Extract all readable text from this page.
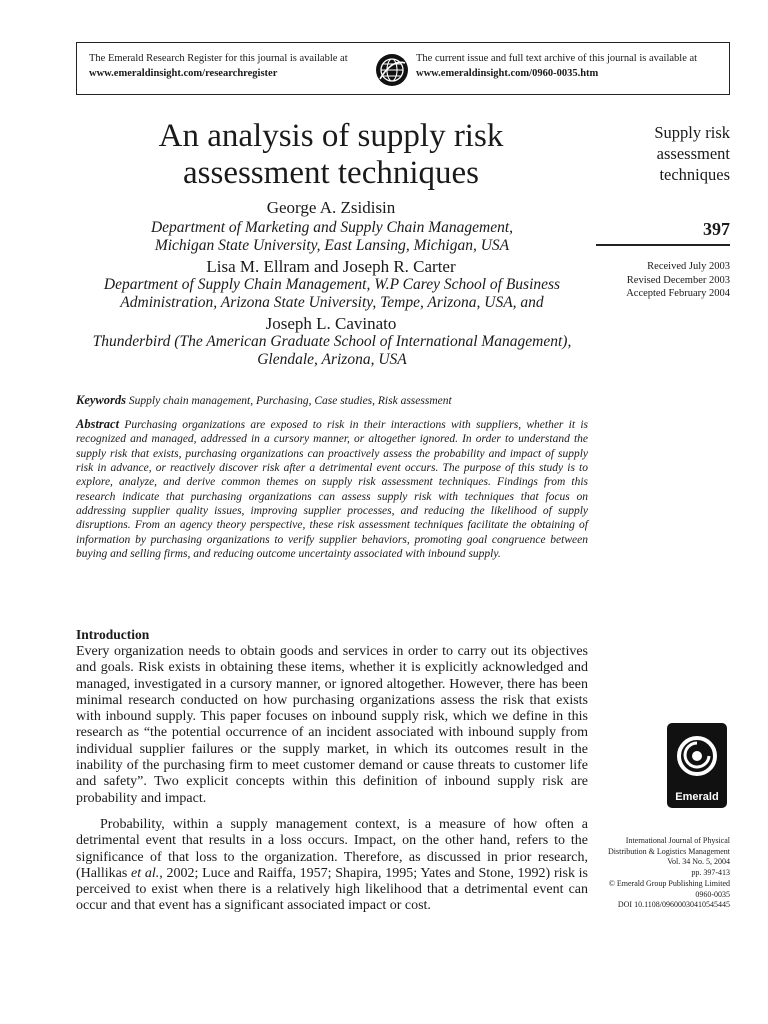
The Emerald Research Register for this journal is available at
www.emeraldinsight.com/researchregister
The current issue and full text archive of this journal is available at
www.emeraldinsight.com/0960-0035.htm
An analysis of supply risk
assessment techniques
George A. Zsidisin
Department of Marketing and Supply Chain Management,
Michigan State University, East Lansing, Michigan, USA
Lisa M. Ellram and Joseph R. Carter
Department of Supply Chain Management, W.P Carey School of Business
Administration, Arizona State University, Tempe, Arizona, USA, and
Joseph L. Cavinato
Thunderbird (The American Graduate School of International Management),
Glendale, Arizona, USA
Supply risk
assessment
techniques
397
Received July 2003
Revised December 2003
Accepted February 2004
Keywords Supply chain management, Purchasing, Case studies, Risk assessment
Abstract Purchasing organizations are exposed to risk in their interactions with suppliers, whether it is recognized and managed, addressed in a cursory manner, or altogether ignored. In order to understand the supply risk that exists, purchasing organizations can proactively assess the probability and impact of supply risk in advance, or reactively discover risk after a detrimental event occurs. The purpose of this study is to explore, analyze, and derive common themes on supply risk assessment techniques. Findings from this research indicate that purchasing organizations can assess supply risk with techniques that focus on addressing supplier quality issues, improving supplier processes, and reducing the likelihood of supply disruptions. From an agency theory perspective, these risk assessment techniques facilitate the obtaining of information by purchasing organizations to verify supplier behaviors, promoting goal congruence between buying and selling firms, and reducing outcome uncertainty associated with inbound supply.
Introduction
Every organization needs to obtain goods and services in order to carry out its objectives and goals. Risk exists in obtaining these items, whether it is explicitly acknowledged and managed, investigated in a cursory manner, or ignored altogether. However, there has been minimal research conducted on how purchasing organizations assess the risk that exists with inbound supply. This paper focuses on inbound supply risk, which we define in this research as “the potential occurrence of an incident associated with inbound supply from individual supplier failures or the supply market, in which its outcomes result in the inability of the purchasing firm to meet customer demand or cause threats to customer life and safety”. Two explicit concepts within this definition of inbound supply risk are probability and impact.
Probability, within a supply management context, is a measure of how often a detrimental event that results in a loss occurs. Impact, on the other hand, refers to the significance of that loss to the organization. Therefore, as discussed in prior research, (Hallikas et al., 2002; Luce and Raiffa, 1957; Shapira, 1995; Yates and Stone, 1992) risk is perceived to exist when there is a relatively high likelihood that a detrimental event can occur and that event has a significant associated impact or cost.
Emerald
International Journal of Physical
Distribution & Logistics Management
Vol. 34 No. 5, 2004
pp. 397-413
© Emerald Group Publishing Limited
0960-0035
DOI 10.1108/09600030410545445
